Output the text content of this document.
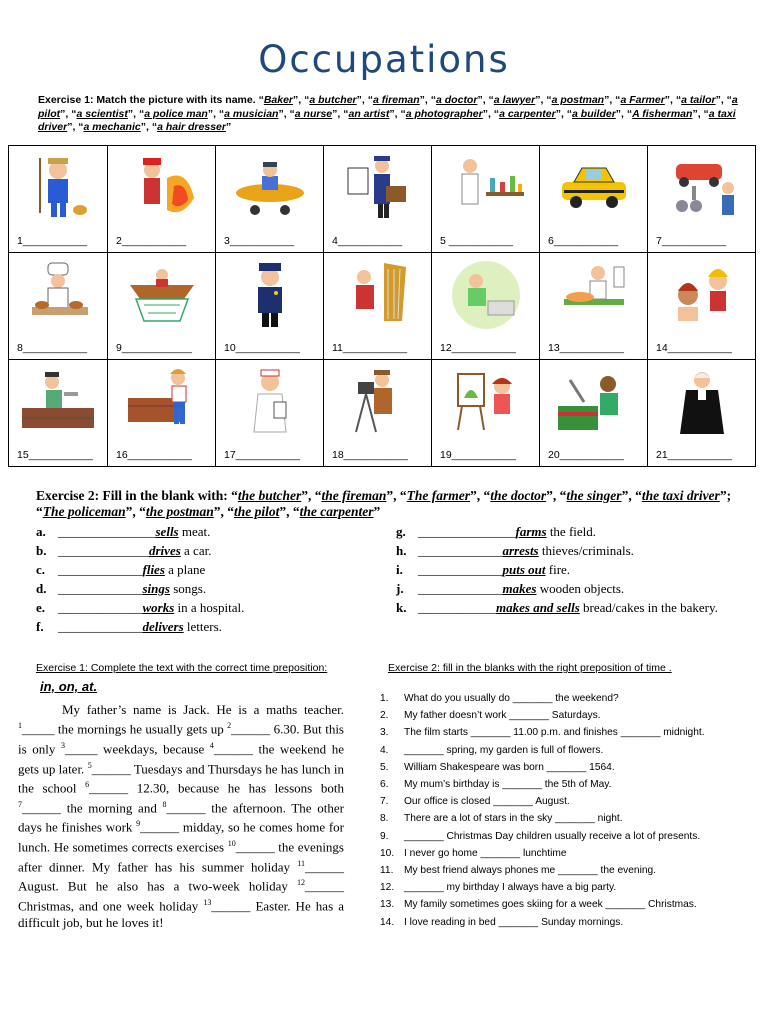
Occupations
Exercise 1: Match the picture with its name. “Baker”, “a butcher”, “a fireman”, “a doctor”, “a lawyer”, “a postman”, “a Farmer”, “a tailor”, “a pilot”, “a scientist”, “a police man”, “a musician”, “a nurse”, “an artist”, “a photographer”, “a carpenter”, “a builder”, “A fisherman”, “a taxi driver”, “a mechanic”, “a hair dresser”

1___________	2___________	3___________	4___________	5 ___________	6___________	7___________

8___________	9____________	10___________	11___________	12___________	13___________	14___________

15___________	16___________	17___________	18___________	19___________	20___________	21___________
Exercise 2: Fill in the blank with: “the butcher”, “the fireman”, “The farmer”, “the doctor”, “the singer”, “the taxi driver”; “The policeman”, “the postman”, “the pilot”, “the carpenter”
a. _______________ sells meat.
b. ______________ drives a car.
c. _____________ flies a plane
d. _____________ sings songs.
e. _____________ works in a hospital.
f.	_____________ delivers letters.
g. _______________ farms the field.
h. _____________ arrests thieves/criminals.
i.	_____________ puts out fire.
j.	_____________ makes wooden objects.
k. ____________ makes and sells bread/cakes in the bakery.
Exercise 1: Complete the text with the correct time preposition:
in, on, at.
My father’s name is Jack. He is a maths teacher. $^1$_____ the mornings he usually gets up $^2$______ 6.30. But this is only $^3$_____ weekdays, because $^4$______ the weekend he gets up later. $^5$______ Tuesdays and Thursdays he has lunch in the school $^6$______ 12.30, because he has lessons both $^7$______ the morning and $^8$______ the afternoon. The other days he finishes work $^9$______ midday, so he comes home for lunch. He sometimes corrects exercises $^{10}$______ the evenings after dinner. My father has his summer holiday $^{11}$______ August. But he also has a two-week holiday $^{12}$______ Christmas, and one week holiday $^{13}$______ Easter. He has a difficult job, but he loves it!
Exercise 2: fill in the blanks with the right preposition of time .
1.	What do you usually do _______ the weekend?
2.	My father doesn’t work _______ Saturdays.
3.	The film starts _______ 11.00 p.m. and finishes _______ midnight.
4.	_______ spring, my garden is full of flowers.
5.	William Shakespeare was born _______ 1564.
6.	My mum’s birthday is _______ the 5th of May.
7.	Our office is closed _______ August.
8.	There are a lot of stars in the sky _______ night.
9.	_______ Christmas Day children usually receive a lot of presents.
10. I never go home _______ lunchtime
11.	My best friend always phones me _______ the evening.
12. _______ my birthday I always have a big party.
13. My family sometimes goes skiing for a week _______ Christmas.
14. I love reading in bed _______ Sunday mornings.
